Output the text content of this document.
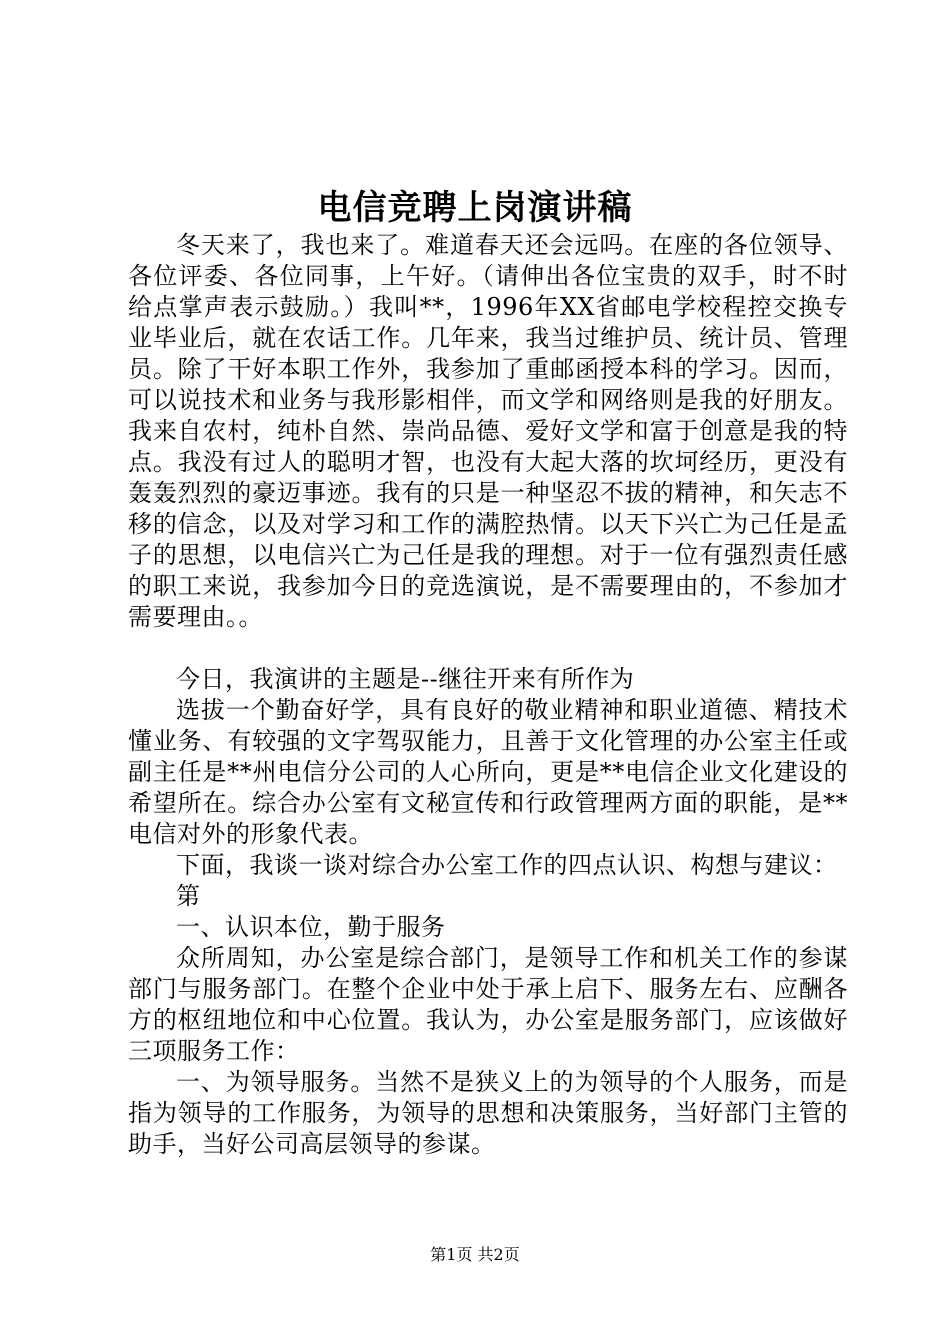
电信竞聘上岗演讲稿

冬天来了，我也来了。难道春天还会远吗。在座的各位领导、各位评委、各位同事，上午好。（请伸出各位宝贵的双手，时不时给点掌声表示鼓励。）我叫**，1996年XX省邮电学校程控交换专业毕业后，就在农话工作。几年来，我当过维护员、统计员、管理员。除了干好本职工作外，我参加了重邮函授本科的学习。因而，可以说技术和业务与我形影相伴，而文学和网络则是我的好朋友。我来自农村，纯朴自然、崇尚品德、爱好文学和富于创意是我的特点。我没有过人的聪明才智，也没有大起大落的坎坷经历，更没有轰轰烈烈的豪迈事迹。我有的只是一种坚忍不拔的精神，和矢志不移的信念，以及对学习和工作的满腔热情。以天下兴亡为己任是孟子的思想，以电信兴亡为己任是我的理想。对于一位有强烈责任感的职工来说，我参加今日的竞选演说，是不需要理由的，不参加才需要理由。。

今日，我演讲的主题是--继往开来有所作为

选拔一个勤奋好学，具有良好的敬业精神和职业道德、精技术懂业务、有较强的文字驾驭能力，且善于文化管理的办公室主任或副主任是**州电信分公司的人心所向，更是**电信企业文化建设的希望所在。综合办公室有文秘宣传和行政管理两方面的职能，是**电信对外的形象代表。

下面，我谈一谈对综合办公室工作的四点认识、构想与建议：

第

一、认识本位，勤于服务

众所周知，办公室是综合部门，是领导工作和机关工作的参谋部门与服务部门。在整个企业中处于承上启下、服务左右、应酬各方的枢纽地位和中心位置。我认为，办公室是服务部门，应该做好三项服务工作：

一、为领导服务。当然不是狭义上的为领导的个人服务，而是指为领导的工作服务，为领导的思想和决策服务，当好部门主管的助手，当好公司高层领导的参谋。

第1页 共2页
